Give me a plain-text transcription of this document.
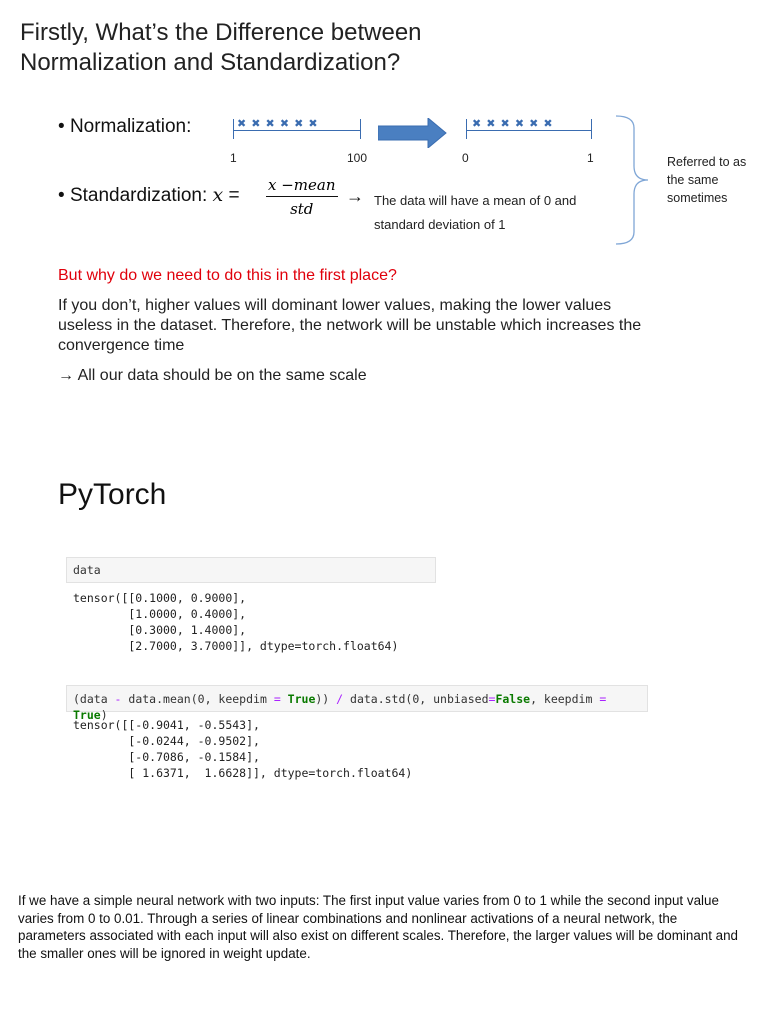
Firstly, What’s the Difference between
Normalization and Standardization?
• Normalization:	✖ ✖ ✖ ✖ ✖ ✖
1	100
✖ ✖ ✖ ✖ ✖ ✖
0	1
• Standardization: x = x −mean
std
→ The data will have a mean of 0 and
standard deviation of 1
Referred to as
the same
sometimes
But why do we need to do this in the first place?
If you don’t, higher values will dominant lower values, making the lower values
useless in the dataset. Therefore, the network will be unstable which increases the
convergence time
→ All our data should be on the same scale
PyTorch
data
tensor([[0.1000, 0.9000],
[1.0000, 0.4000],
[0.3000, 1.4000],
[2.7000, 3.7000]], dtype=torch.float64)
(data - data.mean(0, keepdim = True)) / data.std(0, unbiased=False, keepdim = True)
tensor([[-0.9041, -0.5543],
[-0.0244, -0.9502],
[-0.7086, -0.1584],
[ 1.6371,  1.6628]], dtype=torch.float64)
If we have a simple neural network with two inputs: The first input value varies from 0 to 1 while the second input value varies from 0 to 0.01. Through a series of linear combinations and nonlinear activations of a neural network, the parameters associated with each input will also exist on different scales. Therefore, the larger values will be dominant and the smaller ones will be ignored in weight update.
